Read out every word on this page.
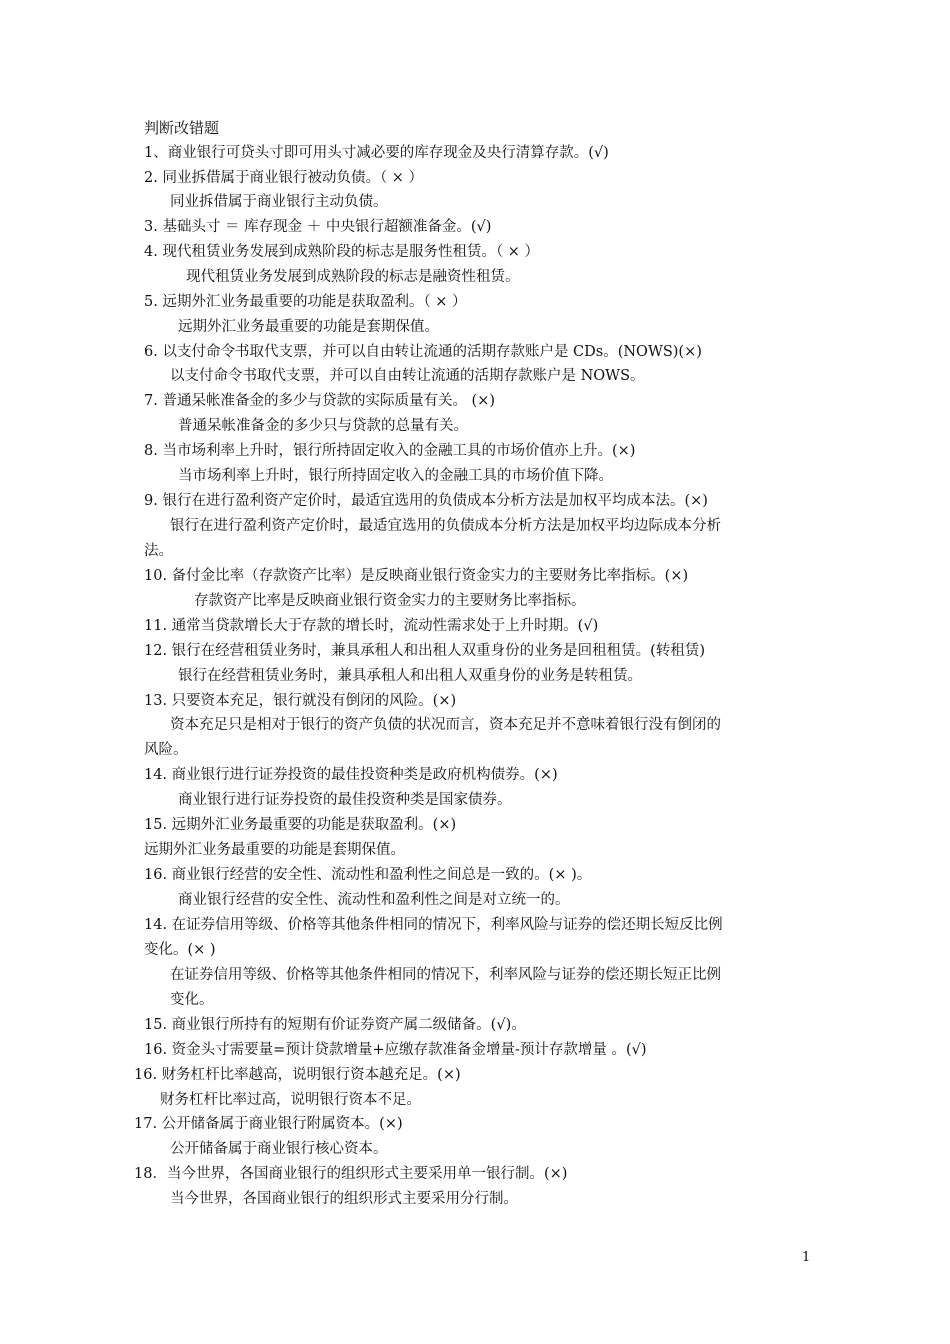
判断改错题
1、商业银行可贷头寸即可用头寸减必要的库存现金及央行清算存款。(√)
2. 同业拆借属于商业银行被动负债。（ × ）
同业拆借属于商业银行主动负债。
3. 基础头寸 ＝ 库存现金 ＋ 中央银行超额准备金。(√)
4. 现代租赁业务发展到成熟阶段的标志是服务性租赁。（ × ）
现代租赁业务发展到成熟阶段的标志是融资性租赁。
5. 远期外汇业务最重要的功能是获取盈利。（ × ）
远期外汇业务最重要的功能是套期保值。
6. 以支付命令书取代支票，并可以自由转让流通的活期存款账户是 CDs。(NOWS)(×)
以支付命令书取代支票，并可以自由转让流通的活期存款账户是 NOWS。
7. 普通呆帐准备金的多少与贷款的实际质量有关。 (×)
普通呆帐准备金的多少只与贷款的总量有关。
8. 当市场利率上升时，银行所持固定收入的金融工具的市场价值亦上升。(×)
当市场利率上升时，银行所持固定收入的金融工具的市场价值下降。
9. 银行在进行盈利资产定价时，最适宜选用的负债成本分析方法是加权平均成本法。(×)
银行在进行盈利资产定价时，最适宜选用的负债成本分析方法是加权平均边际成本分析
法。
10. 备付金比率（存款资产比率）是反映商业银行资金实力的主要财务比率指标。(×)
存款资产比率是反映商业银行资金实力的主要财务比率指标。
11. 通常当贷款增长大于存款的增长时，流动性需求处于上升时期。(√)
12. 银行在经营租赁业务时，兼具承租人和出租人双重身份的业务是回租租赁。(转租赁)
银行在经营租赁业务时，兼具承租人和出租人双重身份的业务是转租赁。
13. 只要资本充足，银行就没有倒闭的风险。(×)
资本充足只是相对于银行的资产负债的状况而言，资本充足并不意味着银行没有倒闭的
风险。
14. 商业银行进行证券投资的最佳投资种类是政府机构债券。(×)
商业银行进行证券投资的最佳投资种类是国家债券。
15. 远期外汇业务最重要的功能是获取盈利。(×)
远期外汇业务最重要的功能是套期保值。
16. 商业银行经营的安全性、流动性和盈利性之间总是一致的。(× )。
商业银行经营的安全性、流动性和盈利性之间是对立统一的。
14. 在证券信用等级、价格等其他条件相同的情况下，利率风险与证券的偿还期长短反比例
变化。(× )
在证券信用等级、价格等其他条件相同的情况下，利率风险与证券的偿还期长短正比例
变化。
15. 商业银行所持有的短期有价证券资产属二级储备。(√)。
16. 资金头寸需要量=预计贷款增量+应缴存款准备金增量-预计存款增量 。(√)
16. 财务杠杆比率越高，说明银行资本越充足。(×)
财务杠杆比率过高，说明银行资本不足。
17. 公开储备属于商业银行附属资本。(×)
公开储备属于商业银行核心资本。
18．当今世界，各国商业银行的组织形式主要采用单一银行制。(×)
当今世界，各国商业银行的组织形式主要采用分行制。
1
